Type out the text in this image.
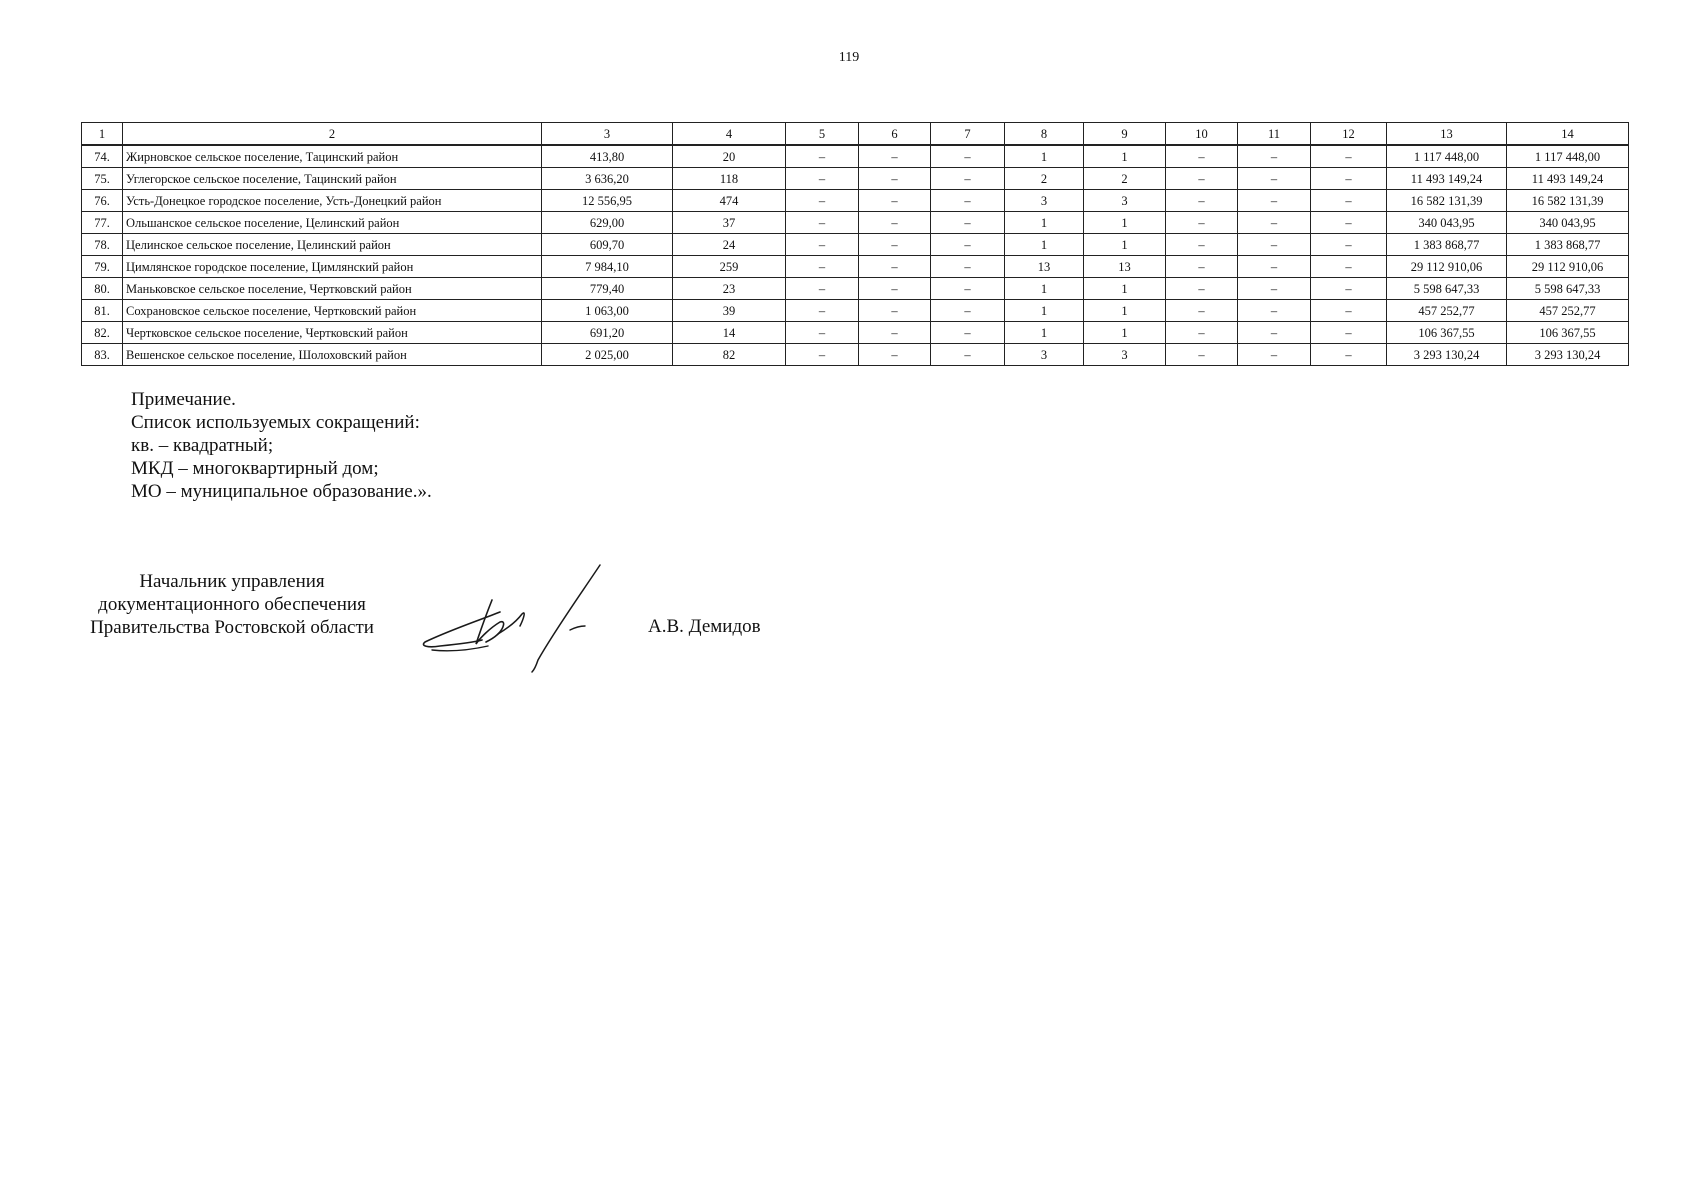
119
1	2	3	4	5	6	7	8	9	10	11	12	13	14
74.	Жирновское сельское поселение, Тацинский район	413,80	20	–	–	–	1	1	–	–	–	1 117 448,00	1 117 448,00
75.	Углегорское сельское поселение, Тацинский район	3 636,20	118	–	–	–	2	2	–	–	–	11 493 149,24	11 493 149,24
76.	Усть-Донецкое городское поселение, Усть-Донецкий район	12 556,95	474	–	–	–	3	3	–	–	–	16 582 131,39	16 582 131,39
77.	Ольшанское сельское поселение, Целинский район	629,00	37	–	–	–	1	1	–	–	–	340 043,95	340 043,95
78.	Целинское сельское поселение, Целинский район	609,70	24	–	–	–	1	1	–	–	–	1 383 868,77	1 383 868,77
79.	Цимлянское городское поселение, Цимлянский район	7 984,10	259	–	–	–	13	13	–	–	–	29 112 910,06	29 112 910,06
80.	Маньковское сельское поселение, Чертковский район	779,40	23	–	–	–	1	1	–	–	–	5 598 647,33	5 598 647,33
81.	Сохрановское сельское поселение, Чертковский район	1 063,00	39	–	–	–	1	1	–	–	–	457 252,77	457 252,77
82.	Чертковское сельское поселение, Чертковский район	691,20	14	–	–	–	1	1	–	–	–	106 367,55	106 367,55
83.	Вешенское сельское поселение, Шолоховский район	2 025,00	82	–	–	–	3	3	–	–	–	3 293 130,24	3 293 130,24
Примечание.
Список используемых сокращений:
кв. – квадратный;
МКД – многоквартирный дом;
МО – муниципальное образование.».
Начальник управления
документационного обеспечения
Правительства Ростовской области	А.В. Демидов
